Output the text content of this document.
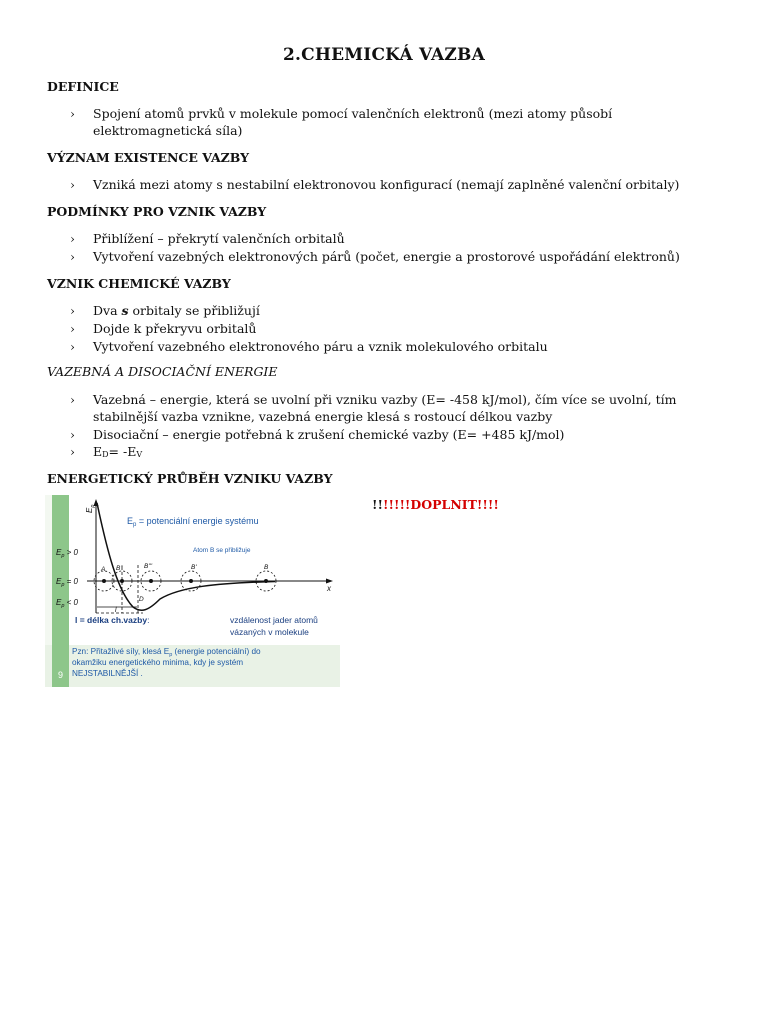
2.CHEMICKÁ VAZBA
DEFINICE
› Spojení atomů prvků v molekule pomocí valenčních elektronů (mezi atomy působí elektromagnetická síla)
VÝZNAM EXISTENCE VAZBY
› Vzniká mezi atomy s nestabilní elektronovou konfigurací (nemají zaplněné valenční orbitaly)
PODMÍNKY PRO VZNIK VAZBY
› Přiblížení – překrytí valenčních orbitalů
› Vytvoření vazebných elektronových párů (počet, energie a prostorové uspořádání elektronů)
VZNIK CHEMICKÉ VAZBY
› Dva s orbitaly se přibližují
› Dojde k překryvu orbitalů
› Vytvoření vazebného elektronového páru a vznik molekulového orbitalu
VAZEBNÁ A DISOCIAČNÍ ENERGIE
› Vazebná – energie, která se uvolní při vzniku vazby (E= -458 kJ/mol), čím více se uvolní, tím stabilnější vazba vznikne, vazebná energie klesá s rostoucí délkou vazby
› Disociační – energie potřebná k zrušení chemické vazby (E= +485 kJ/mol)
› $E_D= -E_V$
ENERGETICKÝ PRŮBĚH VZNIKU VAZBY
!!!!!!!DOPLNIT!!!!
$E_p > 0$
$E_p = 0$
$E_p < 0$
$E_p$
x
l
A B''	B'''	B'	B
D
$E_p$ = potenciální energie systému
Atom B se přibližuje
l = délka ch.vazby:	vzdálenost jader atomů
vázaných v molekule
Pzn: Přitažlivé síly, klesá $E_p$ (energie potenciální) do
okamžiku energetického minima, kdy je systém
NEJSTABILNĚJŠÍ .
9
